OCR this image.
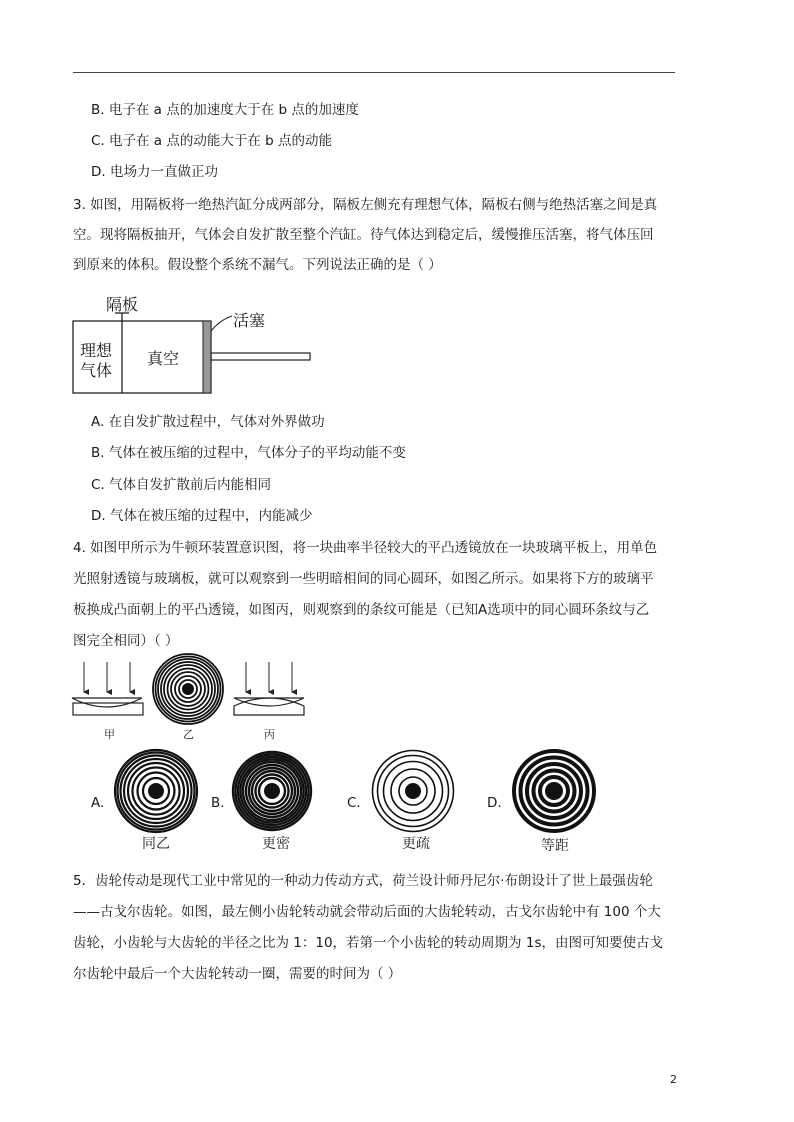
B. 电子在 a 点的加速度大于在 b 点的加速度
C. 电子在 a 点的动能大于在 b 点的动能
D. 电场力一直做正功
3. 如图，用隔板将一绝热汽缸分成两部分，隔板左侧充有理想气体，隔板右侧与绝热活塞之间是真
空。现将隔板抽开，气体会自发扩散至整个汽缸。待气体达到稳定后，缓慢推压活塞，将气体压回
到原来的体积。假设整个系统不漏气。下列说法正确的是（ ）
隔板
活塞
理想
气体
真空
A. 在自发扩散过程中，气体对外界做功
B. 气体在被压缩的过程中，气体分子的平均动能不变
C. 气体自发扩散前后内能相同
D. 气体在被压缩的过程中，内能减少
4. 如图甲所示为牛顿环装置意识图，将一块曲率半径较大的平凸透镜放在一块玻璃平板上，用单色
光照射透镜与玻璃板，就可以观察到一些明暗相间的同心圆环，如图乙所示。如果将下方的玻璃平
板换成凸面朝上的平凸透镜，如图丙，则观察到的条纹可能是（已知A选项中的同心圆环条纹与乙
图完全相同）（ ）
甲	乙	丙
A.	B.	C.	D.
同乙	更密	更疏	等距
5．齿轮传动是现代工业中常见的一种动力传动方式，荷兰设计师丹尼尔·布朗设计了世上最强齿轮
——古戈尔齿轮。如图，最左侧小齿轮转动就会带动后面的大齿轮转动，古戈尔齿轮中有 100 个大
齿轮，小齿轮与大齿轮的半径之比为 1：10，若第一个小齿轮的转动周期为 1s，由图可知要使古戈
尔齿轮中最后一个大齿轮转动一圈，需要的时间为（ ）
2
